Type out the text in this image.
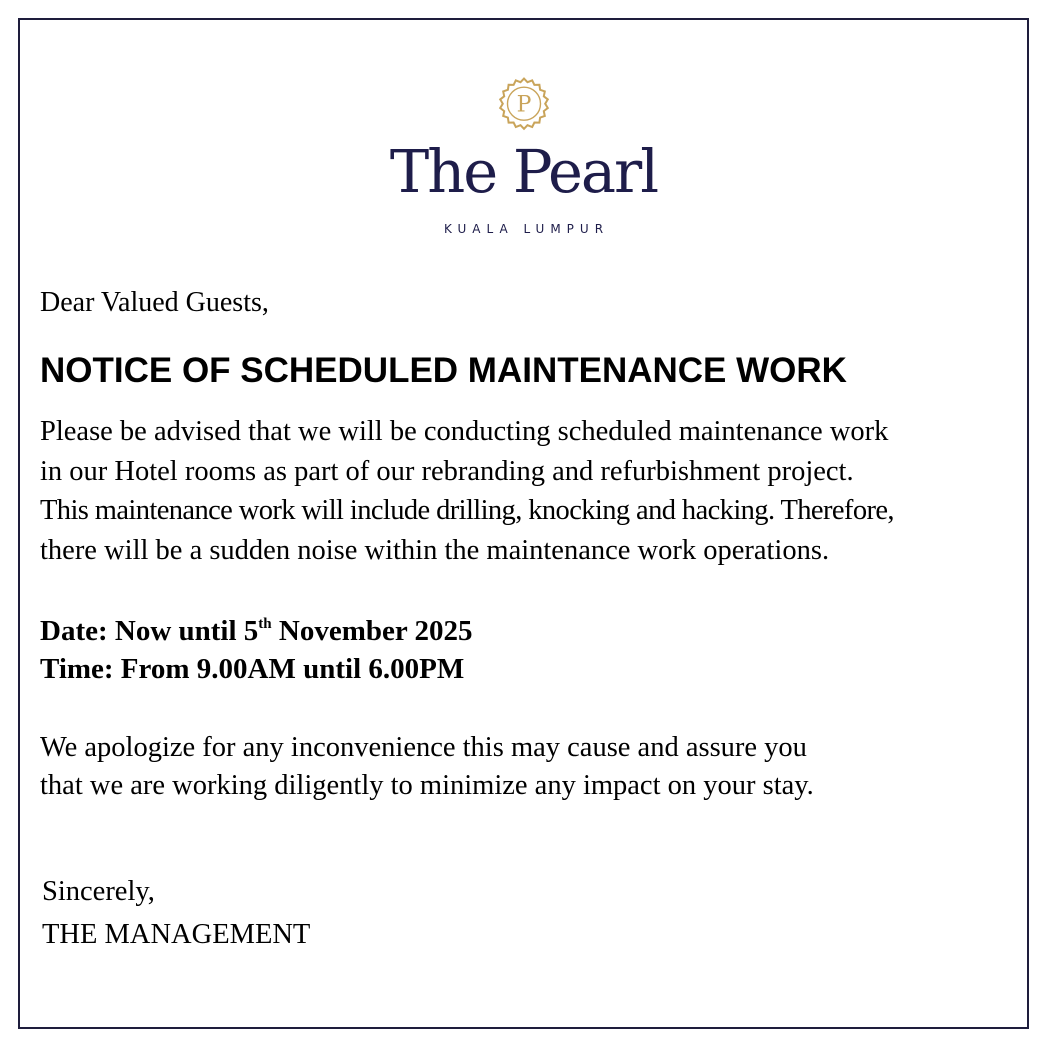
P
The Pearl
KUALA LUMPUR
Dear Valued Guests,
NOTICE OF SCHEDULED MAINTENANCE WORK
Please be advised that we will be conducting scheduled maintenance work
in our Hotel rooms as part of our rebranding and refurbishment project.
This maintenance work will include drilling, knocking and hacking. Therefore,
there will be a sudden noise within the maintenance work operations.
Date: Now until 5th November 2025
Time: From 9.00AM until 6.00PM
We apologize for any inconvenience this may cause and assure you
that we are working diligently to minimize any impact on your stay.
Sincerely,
THE MANAGEMENT
